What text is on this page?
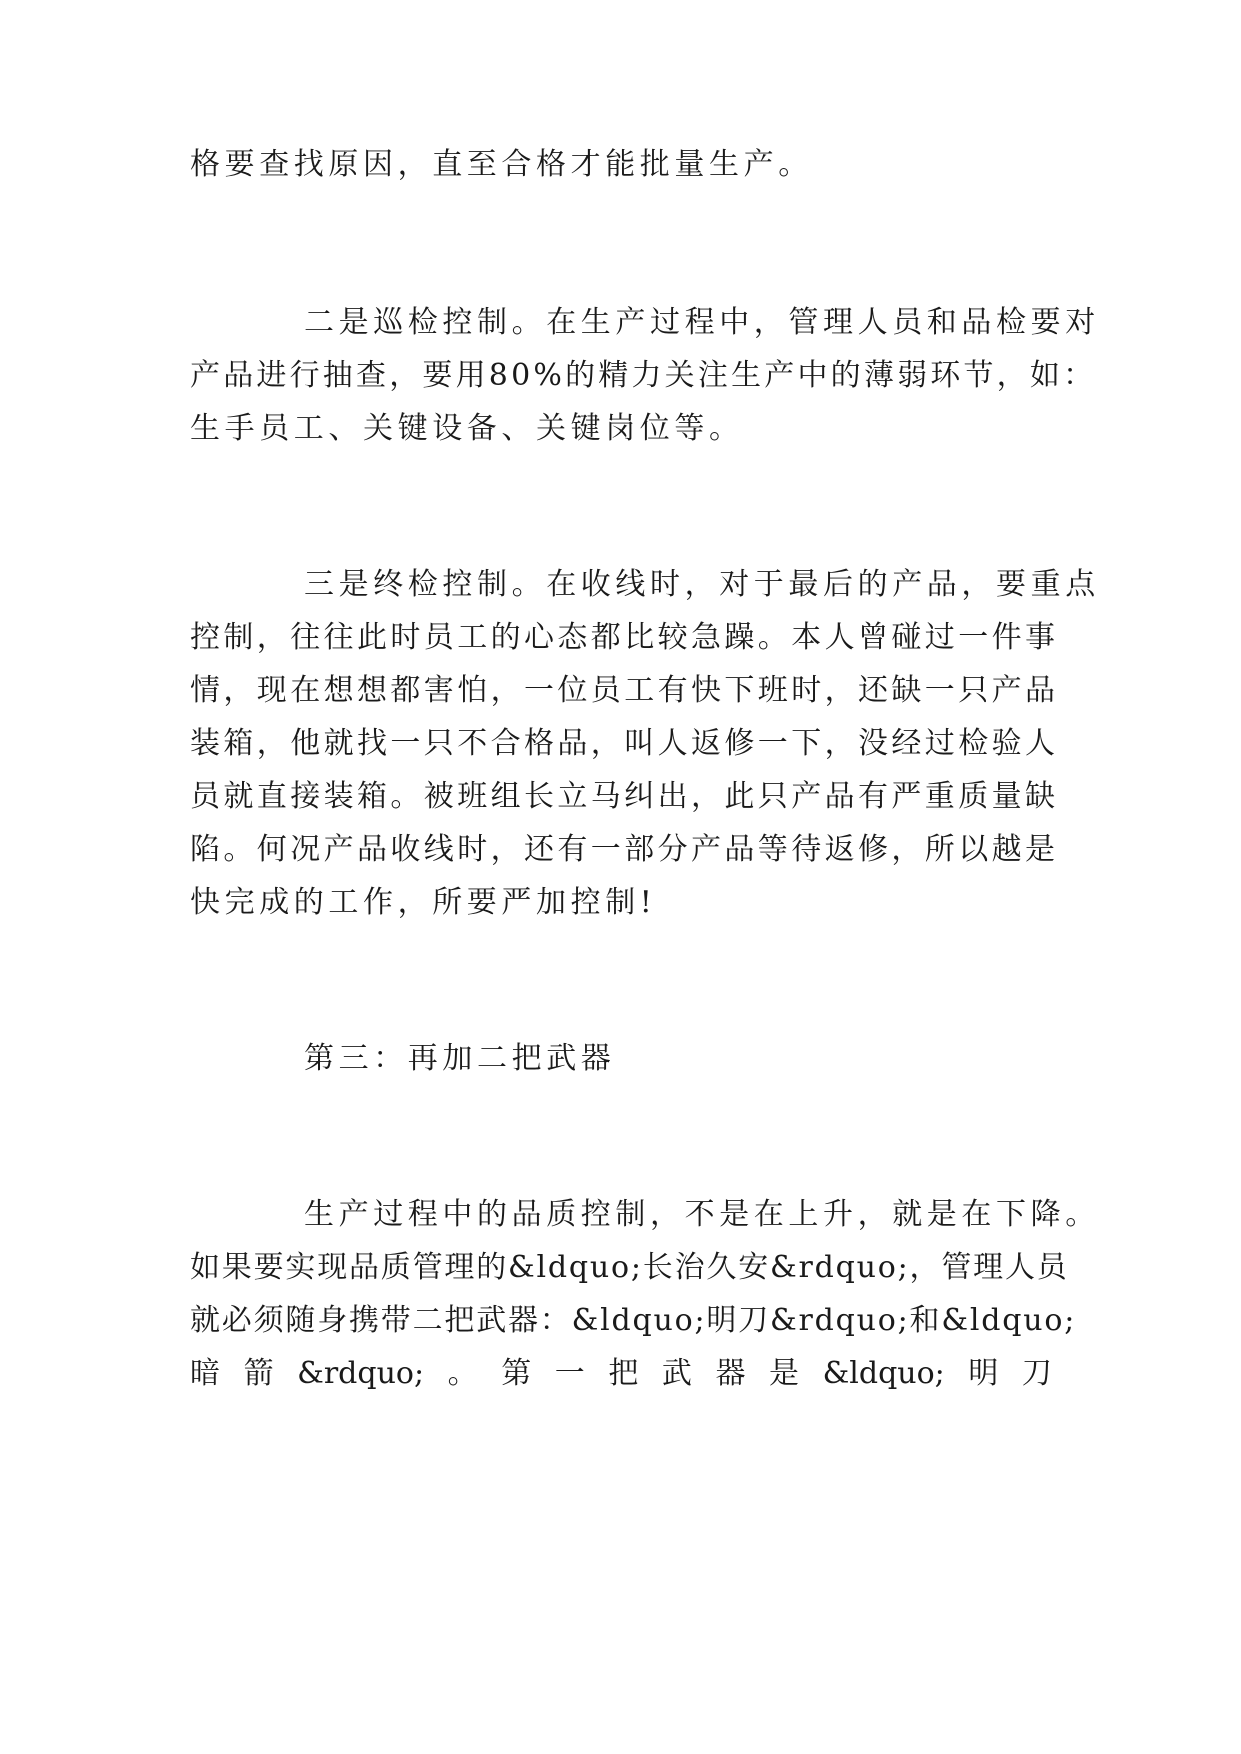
格要查找原因，直至合格才能批量生产。
二是巡检控制。在生产过程中，管理人员和品检要对
产品进行抽查，要用80%的精力关注生产中的薄弱环节，如：
生手员工、关键设备、关键岗位等。
三是终检控制。在收线时，对于最后的产品，要重点
控制，往往此时员工的心态都比较急躁。本人曾碰过一件事
情，现在想想都害怕，一位员工有快下班时，还缺一只产品
装箱，他就找一只不合格品，叫人返修一下，没经过检验人
员就直接装箱。被班组长立马纠出，此只产品有严重质量缺
陷。何况产品收线时，还有一部分产品等待返修，所以越是
快完成的工作，所要严加控制!
第三：再加二把武器
生产过程中的品质控制，不是在上升，就是在下降。
如果要实现品质管理的&ldquo;长治久安&rdquo;，管理人员
就必须随身携带二把武器：&ldquo;明刀&rdquo;和&ldquo;
暗 箭 &rdquo; 。 第 一 把 武 器 是 &ldquo; 明 刀
